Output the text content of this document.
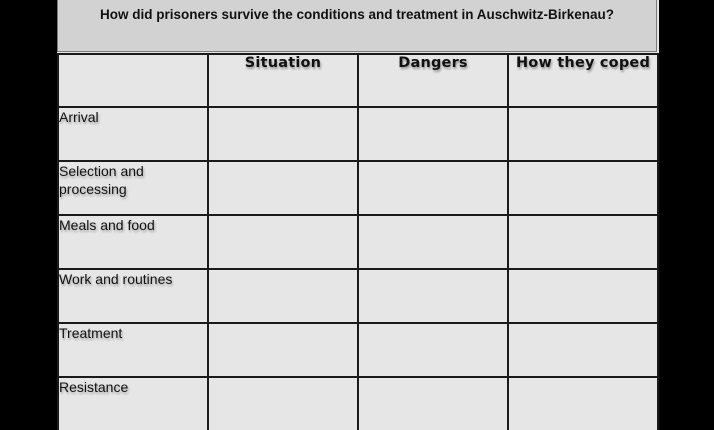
How did prisoners survive the conditions and treatment in Auschwitz-Birkenau?
	Situation	Dangers	How they coped
Arrival			
Selection and processing			
Meals and food			
Work and routines			
Treatment			
Resistance			
